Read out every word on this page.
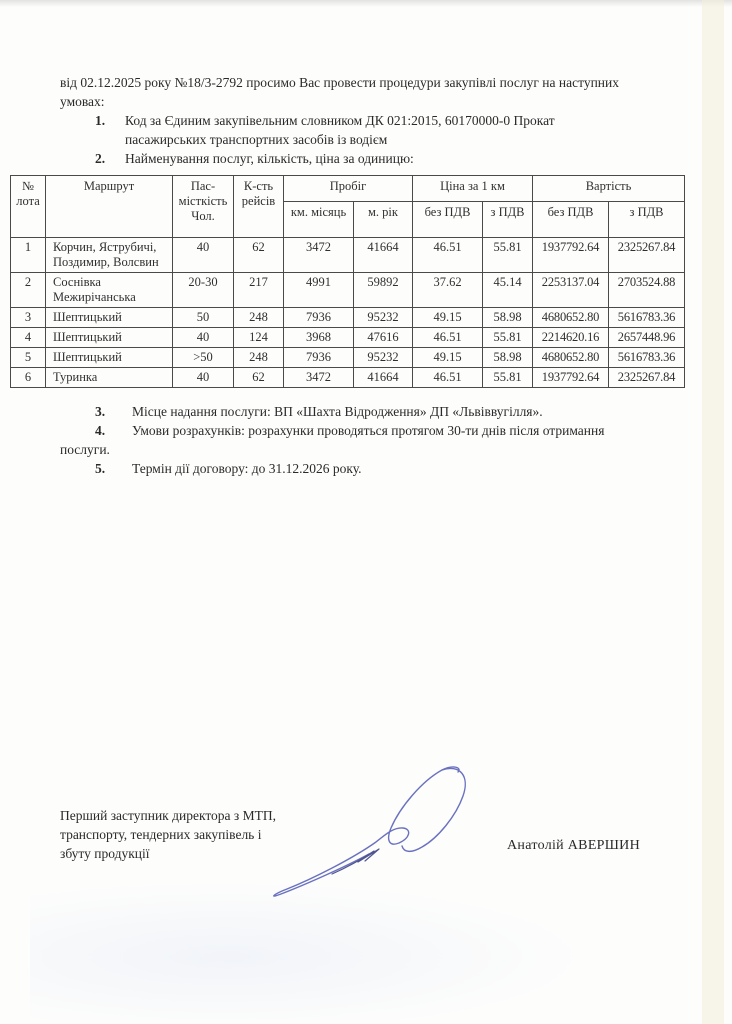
від 02.12.2025 року №18/3-2792 просимо Вас провести процедури закупівлі послуг на наступних
умовах:
1. Код за Єдиним закупівельним словником ДК 021:2015, 60170000-0 Прокат
пасажирських транспортних засобів із водієм
2. Найменування послуг, кількість, ціна за одиницю:
№ лота	Маршрут	Пас-місткість Чол.	К-сть рейсів	Пробіг		Ціна за 1 км		Вартість	
				км. місяць	м. рік	без ПДВ	з ПДВ	без ПДВ	з ПДВ
1	Корчин, Яструбичі, Поздимир, Волсвин	40	62	3472	41664	46.51	55.81	1937792.64	2325267.84
2	Соснівка Межирічанська	20-30	217	4991	59892	37.62	45.14	2253137.04	2703524.88
3	Шептицький	50	248	7936	95232	49.15	58.98	4680652.80	5616783.36
4	Шептицький	40	124	3968	47616	46.51	55.81	2214620.16	2657448.96
5	Шептицький	>50	248	7936	95232	49.15	58.98	4680652.80	5616783.36
6	Туринка	40	62	3472	41664	46.51	55.81	1937792.64	2325267.84
3. Місце надання послуги: ВП «Шахта Відродження» ДП «Львіввугілля».
4. Умови розрахунків: розрахунки проводяться протягом 30-ти днів після отримання
послуги.
5. Термін дії договору: до 31.12.2026 року.
Перший заступник директора з МТП,
транспорту, тендерних закупівель і
збуту продукції
Анатолій АВЕРШИН
